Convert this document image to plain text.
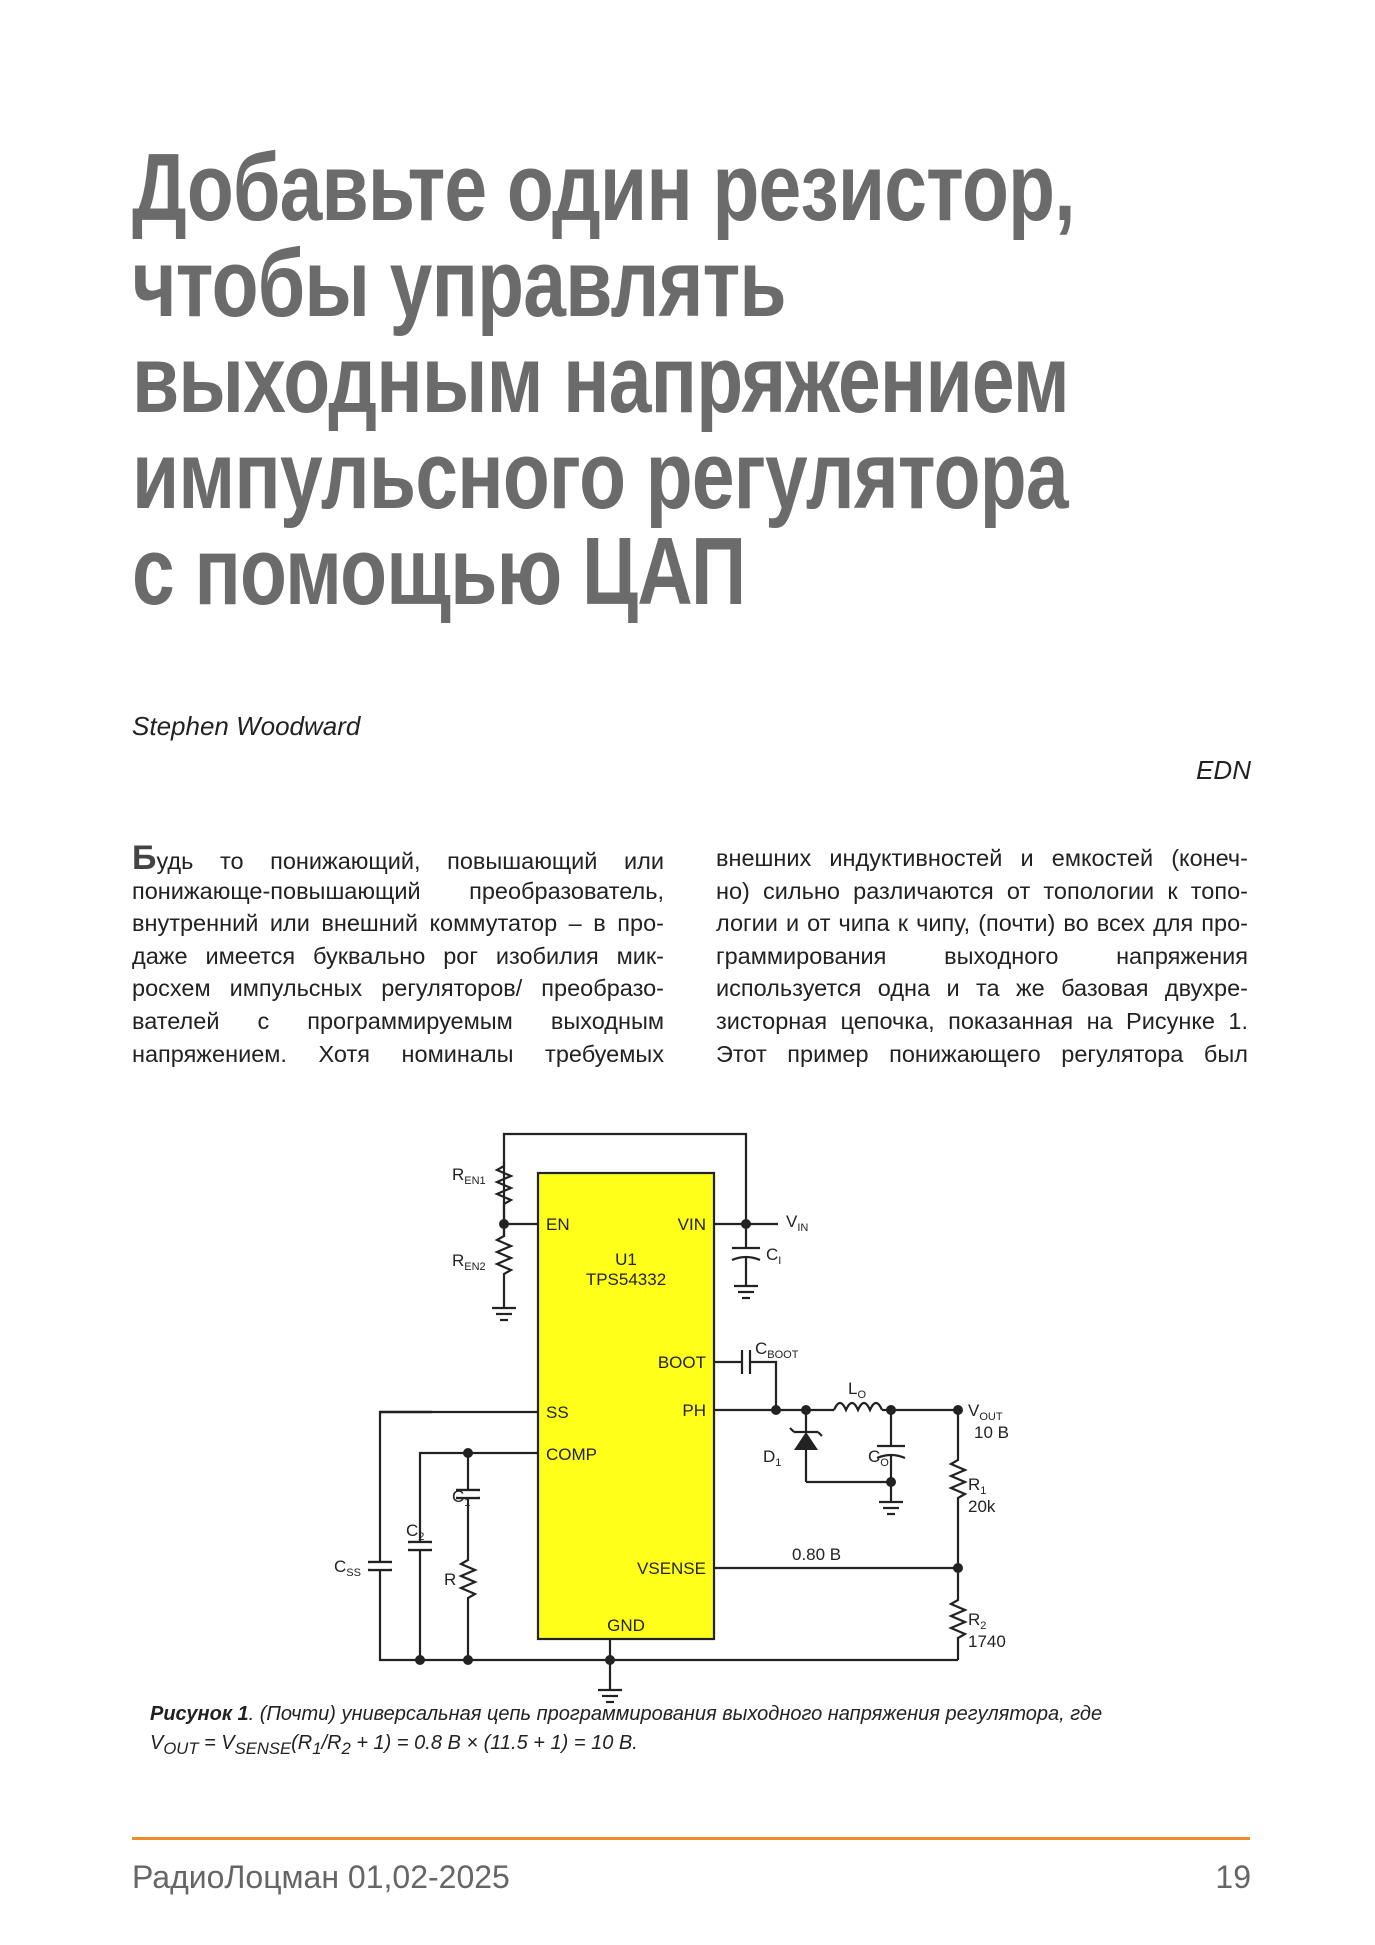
Добавьте один резистор,
чтобы управлять
выходным напряжением
импульсного регулятора
с помощью ЦАП
Stephen Woodward
EDN
Будь то понижающий, повышающий или
понижающе-повышающий преобразователь,
внутренний или внешний коммутатор – в про-
даже имеется буквально рог изобилия мик-
росхем импульсных регуляторов/ преобразо-
вателей с программируемым выходным
напряжением. Хотя номиналы требуемых
внешних индуктивностей и емкостей (конеч-
но) сильно различаются от топологии к топо-
логии и от чипа к чипу, (почти) во всех для про-
граммирования выходного напряжения
используется одна и та же базовая двухре-
зисторная цепочка, показанная на Рисунке 1.
Этот пример понижающего регулятора был
EN	VIN
U1
TPS54332
BOOT
PH
SS
COMP
VSENSE
GND
$R_{EN1}$
$R_{EN2}$
$V_{IN}$
$C_I$
$C_{BOOT}$
$L_O$
$V_{OUT}$
10 В
$D_1$	$C_O$
$R_1$
20k
0.80 В
$R_2$
1740
$C_1$
$C_2$
$C_{SS}$	R
Рисунок 1. (Почти) универсальная цепь программирования выходного напряжения регулятора, где
$V_{OUT} = V_{SENSE}(R_1/R_2 + 1) = 0.8$ В × (11.5 + 1) = 10 В.
РадиоЛоцман 01,02-2025	19
